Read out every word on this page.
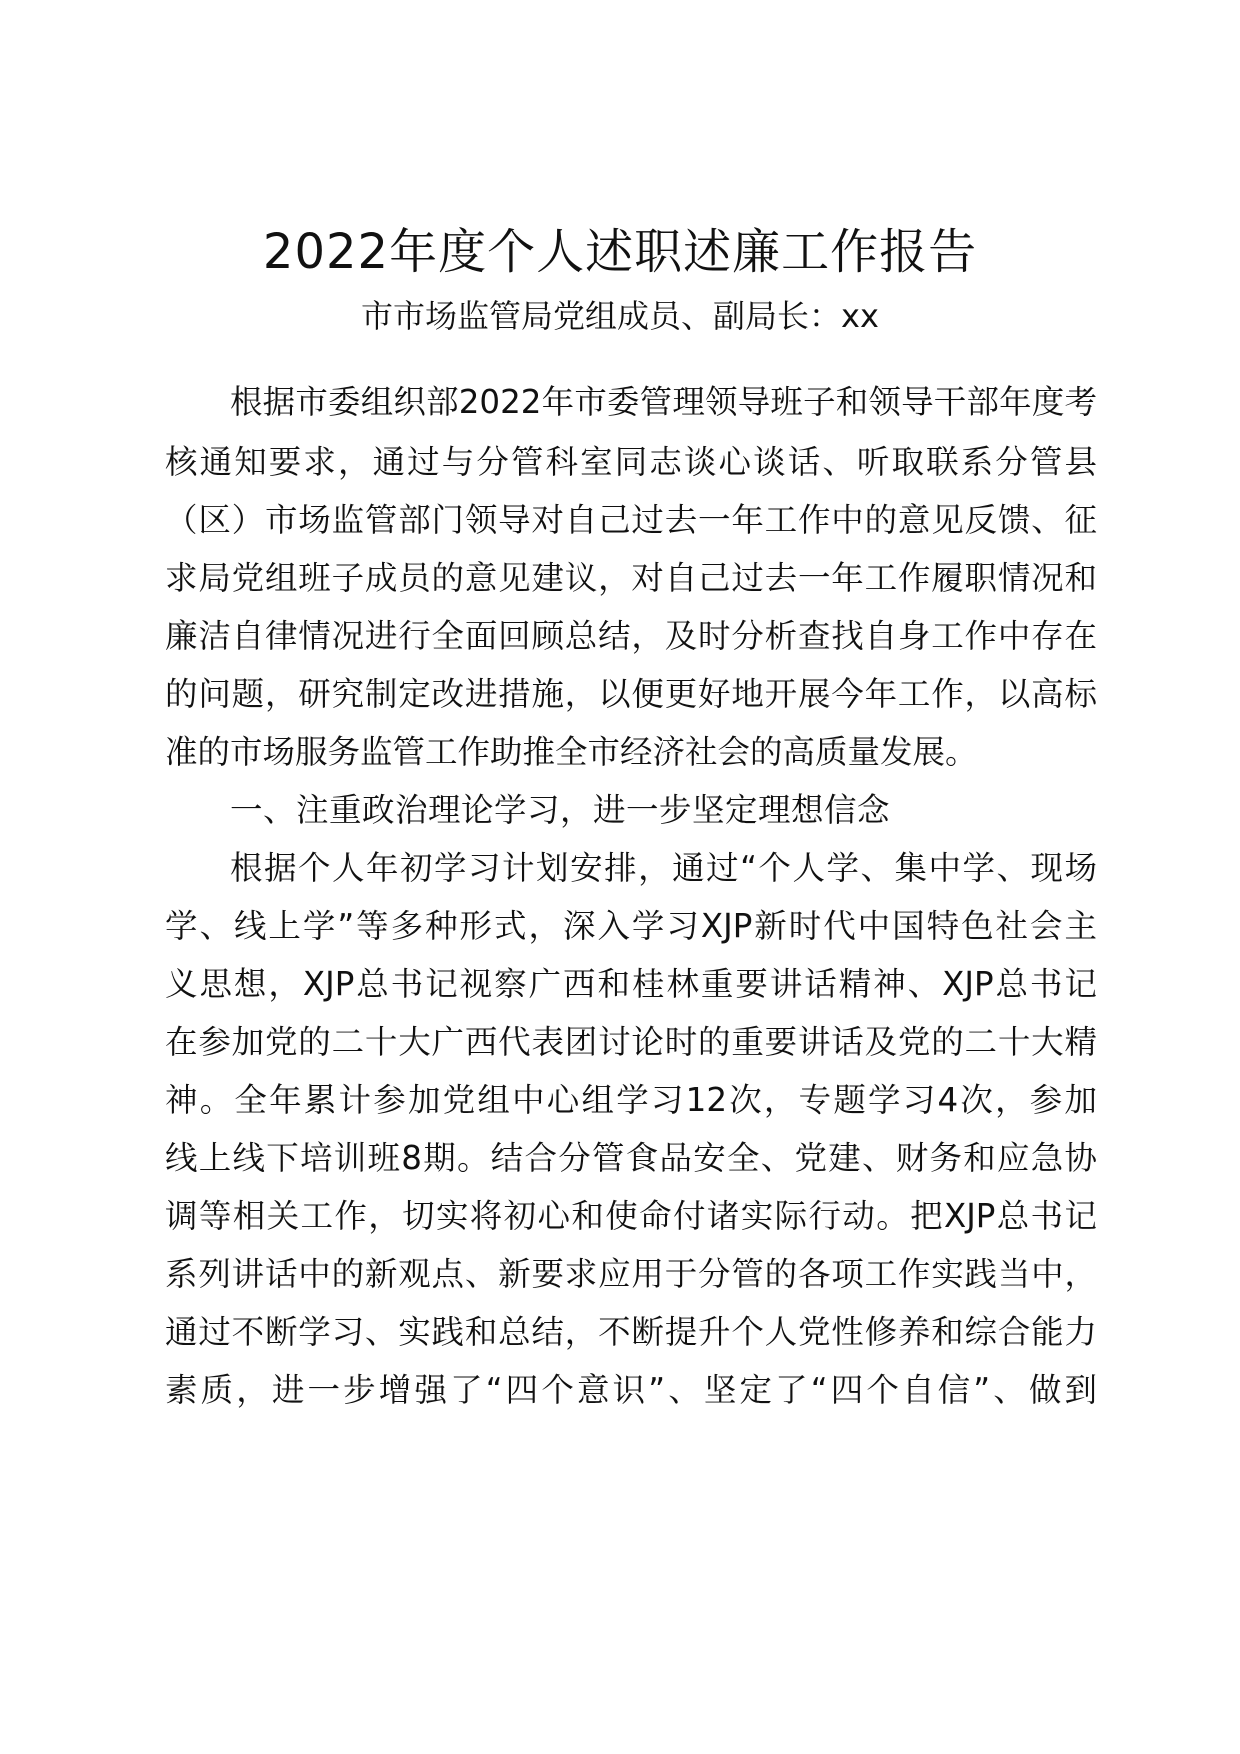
2022年度个人述职述廉工作报告
市市场监管局党组成员、副局长：xx
根据市委组织部2022年市委管理领导班子和领导干部年度考
核通知要求，通过与分管科室同志谈心谈话、听取联系分管县
（区）市场监管部门领导对自己过去一年工作中的意见反馈、征
求局党组班子成员的意见建议，对自己过去一年工作履职情况和
廉洁自律情况进行全面回顾总结，及时分析查找自身工作中存在
的问题，研究制定改进措施，以便更好地开展今年工作，以高标
准的市场服务监管工作助推全市经济社会的高质量发展。
一、注重政治理论学习，进一步坚定理想信念
根据个人年初学习计划安排，通过“个人学、集中学、现场
学、线上学”等多种形式，深入学习XJP新时代中国特色社会主
义思想，XJP总书记视察广西和桂林重要讲话精神、XJP总书记
在参加党的二十大广西代表团讨论时的重要讲话及党的二十大精
神。全年累计参加党组中心组学习12次，专题学习4次，参加
线上线下培训班8期。结合分管食品安全、党建、财务和应急协
调等相关工作，切实将初心和使命付诸实际行动。把XJP总书记
系列讲话中的新观点、新要求应用于分管的各项工作实践当中，
通过不断学习、实践和总结，不断提升个人党性修养和综合能力
素质，进一步增强了“四个意识”、坚定了“四个自信”、做到
